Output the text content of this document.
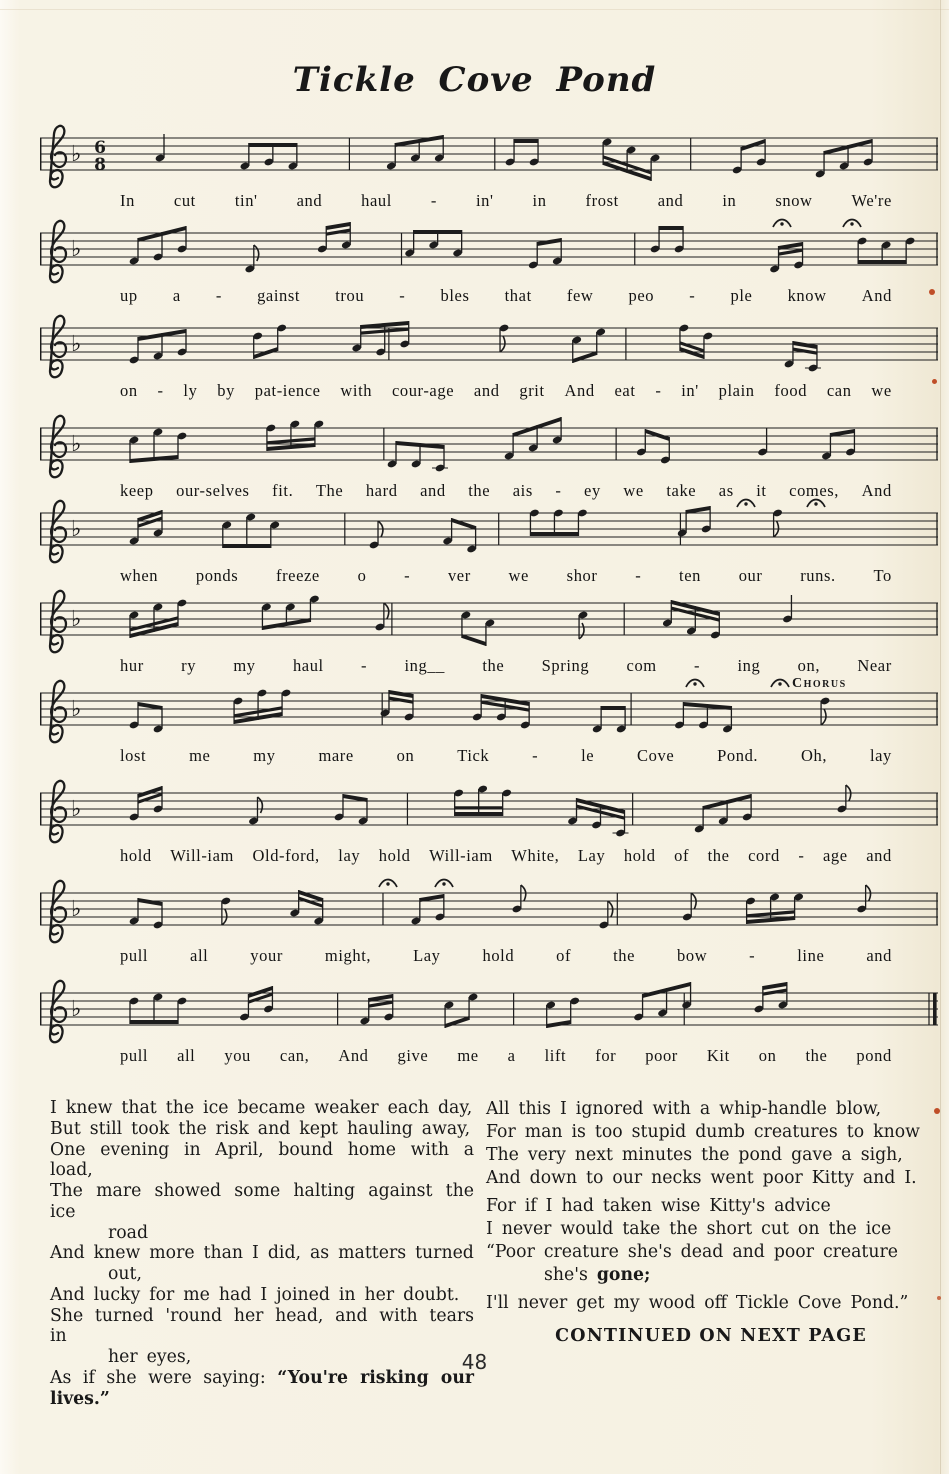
Tickle Cove Pond
♭ 6
8
In cut tin' and haul - in' in frost and in snow We're
♭
up a - gainst trou - bles that few peo - ple know And
♭
on - ly by pat-ience with cour-age and grit And eat - in' plain food can we
♭
keep our-selves fit. The hard and the ais - ey we take as it comes, And
♭
when ponds freeze o - ver we shor - ten our runs. To
♭
hur ry my haul - ing__ the Spring com - ing on, Near
Chorus
♭
lost	me	my	mare	on	Tick	-	le	Cove	Pond.	Oh,	lay
♭
hold Will-iam Old-ford, lay hold Will-iam White, Lay hold of the cord - age and
♭
pull	all	your	might,	Lay	hold	of	the	bow	-	line	and
♭
pull all you can, And give me a lift for poor Kit on the pond
I knew that the ice became weaker each day,
But still took the risk and kept hauling away,
One evening in April, bound home with a load,
The mare showed some halting against the ice
road
And knew more than I did, as matters turned
out,
And lucky for me had I joined in her doubt.
She turned 'round her head, and with tears in
her eyes,
As if she were saying: “You're risking our lives.”
All this I ignored with a whip-handle blow,
For man is too stupid dumb creatures to know
The very next minutes the pond gave a sigh,
And down to our necks went poor Kitty and I.
For if I had taken wise Kitty's advice
I never would take the short cut on the ice
“Poor creature she's dead and poor creature
she's gone;
I'll never get my wood off Tickle Cove Pond.”
CONTINUED ON NEXT PAGE
48
